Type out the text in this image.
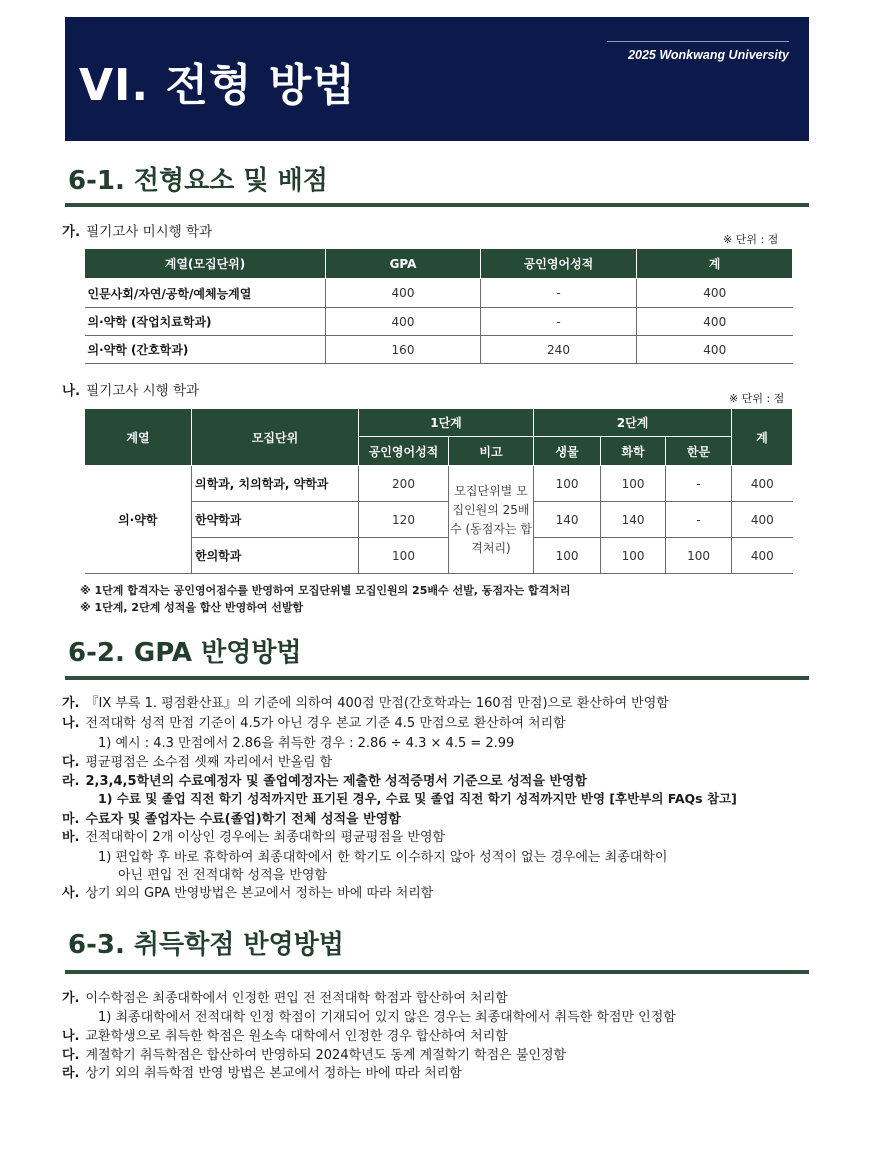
2025 Wonkwang University
VI. 전형 방법
6-1. 전형요소 및 배점
가. 필기고사 미시행 학과	※ 단위 : 점
계열(모집단위)	GPA	공인영어성적	계
인문사회/자연/공학/예체능계열	400	-	400
의·약학 (작업치료학과)	400	-	400
의·약학 (간호학과)	160	240	400
나. 필기고사 시행 학과	※ 단위 : 점
계열	모집단위	1단계		2단계			계
		공인영어성적	비고	생물	화학	한문	
의·약학	의학과, 치의학과, 약학과	200	모집단위별 모집인원의 25배수 (동점자는 합격처리)	100	100	-	400
	한약학과	120		140	140	-	400
	한의학과	100		100	100	100	400
※ 1단계 합격자는 공인영어점수를 반영하여 모집단위별 모집인원의 25배수 선발, 동점자는 합격처리
※ 1단계, 2단계 성적을 합산 반영하여 선발함
6-2. GPA 반영방법
가. 『IX 부록 1. 평점환산표』의 기준에 의하여 400점 만점(간호학과는 160점 만점)으로 환산하여 반영함
나. 전적대학 성적 만점 기준이 4.5가 아닌 경우 본교 기준 4.5 만점으로 환산하여 처리함
1) 예시 : 4.3 만점에서 2.86을 취득한 경우 : 2.86 ÷ 4.3 × 4.5 = 2.99
다. 평균평점은 소수점 셋째 자리에서 반올림 함
라. 2,3,4,5학년의 수료예정자 및 졸업예정자는 제출한 성적증명서 기준으로 성적을 반영함
1) 수료 및 졸업 직전 학기 성적까지만 표기된 경우, 수료 및 졸업 직전 학기 성적까지만 반영 [후반부의 FAQs 참고]
마. 수료자 및 졸업자는 수료(졸업)학기 전체 성적을 반영함
바. 전적대학이 2개 이상인 경우에는 최종대학의 평균평점을 반영함
1) 편입학 후 바로 휴학하여 최종대학에서 한 학기도 이수하지 않아 성적이 없는 경우에는 최종대학이
아닌 편입 전 전적대학 성적을 반영함
사. 상기 외의 GPA 반영방법은 본교에서 정하는 바에 따라 처리함
6-3. 취득학점 반영방법
가. 이수학점은 최종대학에서 인정한 편입 전 전적대학 학점과 합산하여 처리함
1) 최종대학에서 전적대학 인정 학점이 기재되어 있지 않은 경우는 최종대학에서 취득한 학점만 인정함
나. 교환학생으로 취득한 학점은 원소속 대학에서 인정한 경우 합산하여 처리함
다. 계절학기 취득학점은 합산하여 반영하되 2024학년도 동계 계절학기 학점은 불인정함
라. 상기 외의 취득학점 반영 방법은 본교에서 정하는 바에 따라 처리함
